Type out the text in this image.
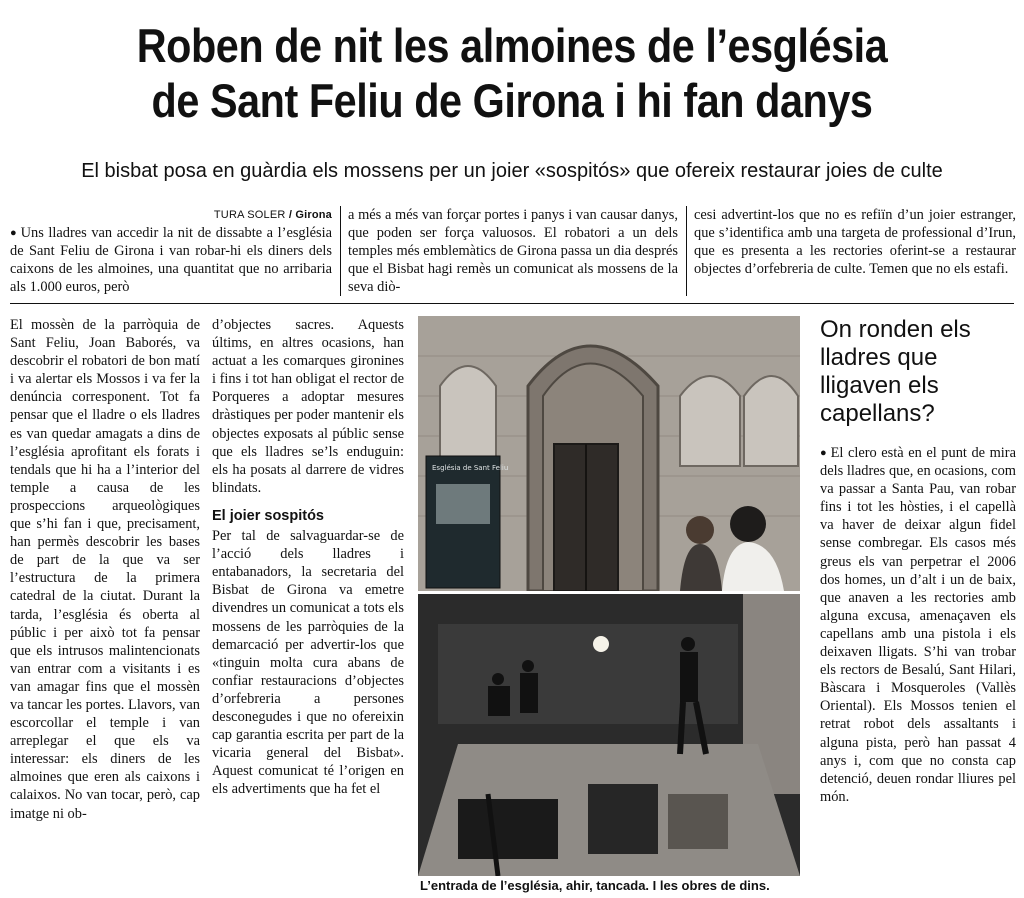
Roben de nit les almoines de l’església
de Sant Feliu de Girona i hi fan danys
El bisbat posa en guàrdia els mossens per un joier «sospitós» que ofereix restaurar joies de culte
TURA SOLER / Girona
● Uns lladres van accedir la nit de dissabte a l’església de Sant Feliu de Girona i van robar-hi els diners dels caixons de les almoines, una quantitat que no arribaria als 1.000 euros, però
a més a més van forçar portes i panys i van causar danys, que poden ser força valuosos. El robatori a un dels temples més emblemàtics de Girona passa un dia després que el Bisbat hagi remès un comunicat als mossens de la seva diò-
cesi advertint-los que no es refiïn d’un joier estranger, que s’identifica amb una targeta de professional d’Irun, que es presenta a les rectories oferint-se a restaurar objectes d’orfebreria de culte. Temen que no els estafi.
El mossèn de la parròquia de Sant Feliu, Joan Baborés, va descobrir el robatori de bon matí i va alertar els Mossos i va fer la denúncia corresponent. Tot fa pensar que el lladre o els lladres es van quedar amagats a dins de l’església aprofitant els forats i tendals que hi ha a l’interior del temple a causa de les prospeccions arqueològiques que s’hi fan i que, precisament, han permès descobrir les bases de part de la que va ser l’estructura de la primera catedral de la ciutat. Durant la tarda, l’església és oberta al públic i per això tot fa pensar que els intrusos malintencionats van entrar com a visitants i es van amagar fins que el mossèn va tancar les portes. Llavors, van escorcollar el temple i van arreplegar el que els va interessar: els diners de les almoines que eren als caixons i calaixos. No van tocar, però, cap imatge ni ob-
d’objectes sacres. Aquests últims, en altres ocasions, han actuat a les comarques gironines i fins i tot han obligat el rector de Porqueres a adoptar mesures dràstiques per poder mantenir els objectes exposats al públic sense que els lladres se’ls enduguin: els ha posats al darrere de vidres blindats.
El joier sospitós
Per tal de salvaguardar-se de l’acció dels lladres i entabanadors, la secretaria del Bisbat de Girona va emetre divendres un comunicat a tots els mossens de les parròquies de la demarcació per advertir-los que «tinguin molta cura abans de confiar restauracions d’objectes d’orfebreria a persones desconegudes i que no ofereixin cap garantia escrita per part de la vicaria general del Bisbat». Aquest comunicat té l’origen en els advertiments que ha fet el
Església de Sant Feliu
L’entrada de l’església, ahir, tancada. I les obres de dins.
On ronden els lladres que lligaven els capellans?
● El clero està en el punt de mira dels lladres que, en ocasions, com va passar a Santa Pau, van robar fins i tot les hòsties, i el capellà va haver de deixar algun fidel sense combregar. Els casos més greus els van perpetrar el 2006 dos homes, un d’alt i un de baix, que anaven a les rectories amb alguna excusa, amenaçaven els capellans amb una pistola i els deixaven lligats. S’hi van trobar els rectors de Besalú, Sant Hilari, Bàscara i Mosqueroles (Vallès Oriental). Els Mossos tenien el retrat robot dels assaltants i alguna pista, però han passat 4 anys i, com que no consta cap detenció, deuen rondar lliures pel món.
